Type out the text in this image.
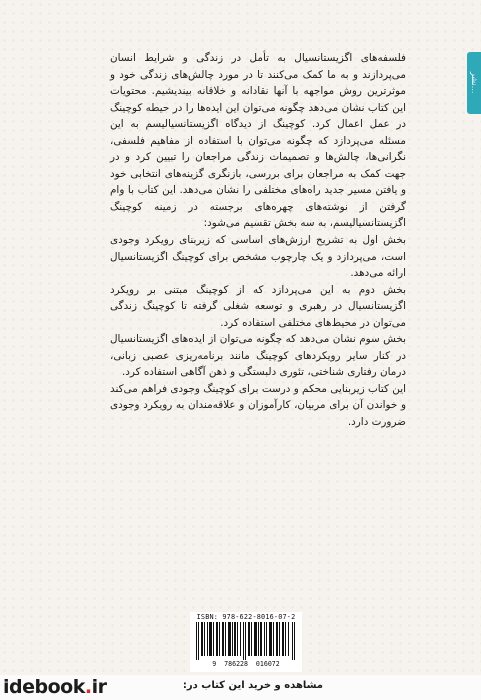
نشر...

فلسفه‌های اگزیستانسیال به تأمل در زندگی و شرایط انسان می‌پردازند و به ما کمک می‌کنند تا در مورد چالش‌های زندگی خود و موثرترین روش مواجهه با آنها نقادانه و خلاقانه بیندیشیم. محتویات این کتاب نشان می‌دهد چگونه می‌توان این ایده‌ها را در حیطه کوچینگ در عمل اعمال کرد. کوچینگ از دیدگاه اگزیستانسیالیسم به این مسئله می‌پردازد که چگونه می‌توان با استفاده از مفاهیم فلسفی، نگرانی‌ها، چالش‌ها و تصمیمات زندگی مراجعان را تبیین کرد و در جهت کمک به مراجعان برای بررسی، بازنگری گزینه‌های انتخابی خود و یافتن مسیر جدید راه‌های مختلفی را نشان می‌دهد. این کتاب با وام گرفتن از نوشته‌های چهره‌های برجسته در زمینه کوچینگ اگزیستانسیالیسم، به سه بخش تقسیم می‌شود:

بخش اول به تشریح ارزش‌های اساسی که زیربنای رویکرد وجودی است، می‌پردازد و یک چارچوب مشخص برای کوچینگ اگزیستانسیال ارائه می‌دهد.

بخش دوم به این می‌پردازد که از کوچینگ مبتنی بر رویکرد اگزیستانسیال در رهبری و توسعه شغلی گرفته تا کوچینگ زندگی می‌توان در محیط‌های مختلفی استفاده کرد.

بخش سوم نشان می‌دهد که چگونه می‌توان از ایده‌های اگزیستانسیال در کنار سایر رویکردهای کوچینگ مانند برنامه‌ریزی عصبی زبانی، درمان رفتاری شناختی، تئوری دلبستگی و ذهن آگاهی استفاده کرد.

این کتاب زیربنایی محکم و درست برای کوچینگ وجودی فراهم می‌کند و خواندن آن برای مربیان، کارآموزان و علاقه‌مندان به رویکرد وجودی ضرورت دارد.

ISBN: 978-622-8016-07-2
9  786228  016072
idebook.ir	مشاهده و خرید این کتاب در:
